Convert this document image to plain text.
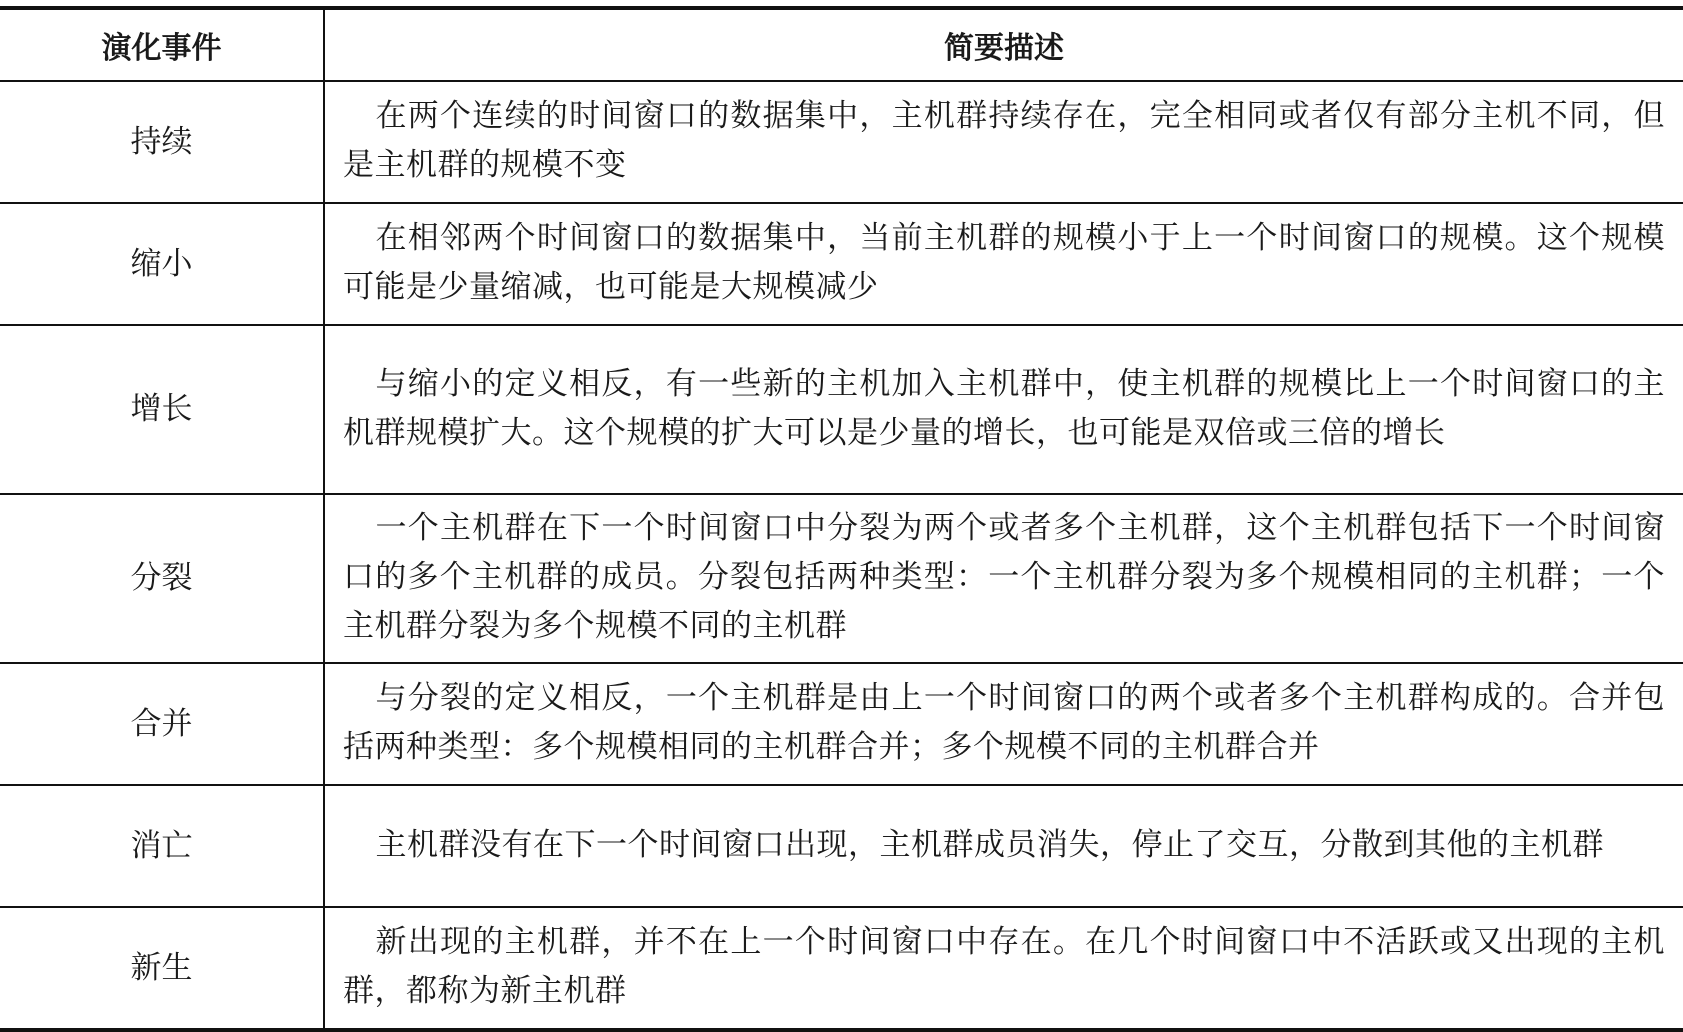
演化事件	简要描述
持续	在两个连续的时间窗口的数据集中，主机群持续存在，完全相同或者仅有部分主机不同，但是主机群的规模不变
缩小	在相邻两个时间窗口的数据集中，当前主机群的规模小于上一个时间窗口的规模。这个规模可能是少量缩减，也可能是大规模减少
增长	与缩小的定义相反，有一些新的主机加入主机群中，使主机群的规模比上一个时间窗口的主机群规模扩大。这个规模的扩大可以是少量的增长，也可能是双倍或三倍的增长
分裂	一个主机群在下一个时间窗口中分裂为两个或者多个主机群，这个主机群包括下一个时间窗口的多个主机群的成员。分裂包括两种类型：一个主机群分裂为多个规模相同的主机群；一个主机群分裂为多个规模不同的主机群
合并	与分裂的定义相反，一个主机群是由上一个时间窗口的两个或者多个主机群构成的。合并包括两种类型：多个规模相同的主机群合并；多个规模不同的主机群合并
消亡	主机群没有在下一个时间窗口出现，主机群成员消失，停止了交互，分散到其他的主机群
新生	新出现的主机群，并不在上一个时间窗口中存在。在几个时间窗口中不活跃或又出现的主机群，都称为新主机群
